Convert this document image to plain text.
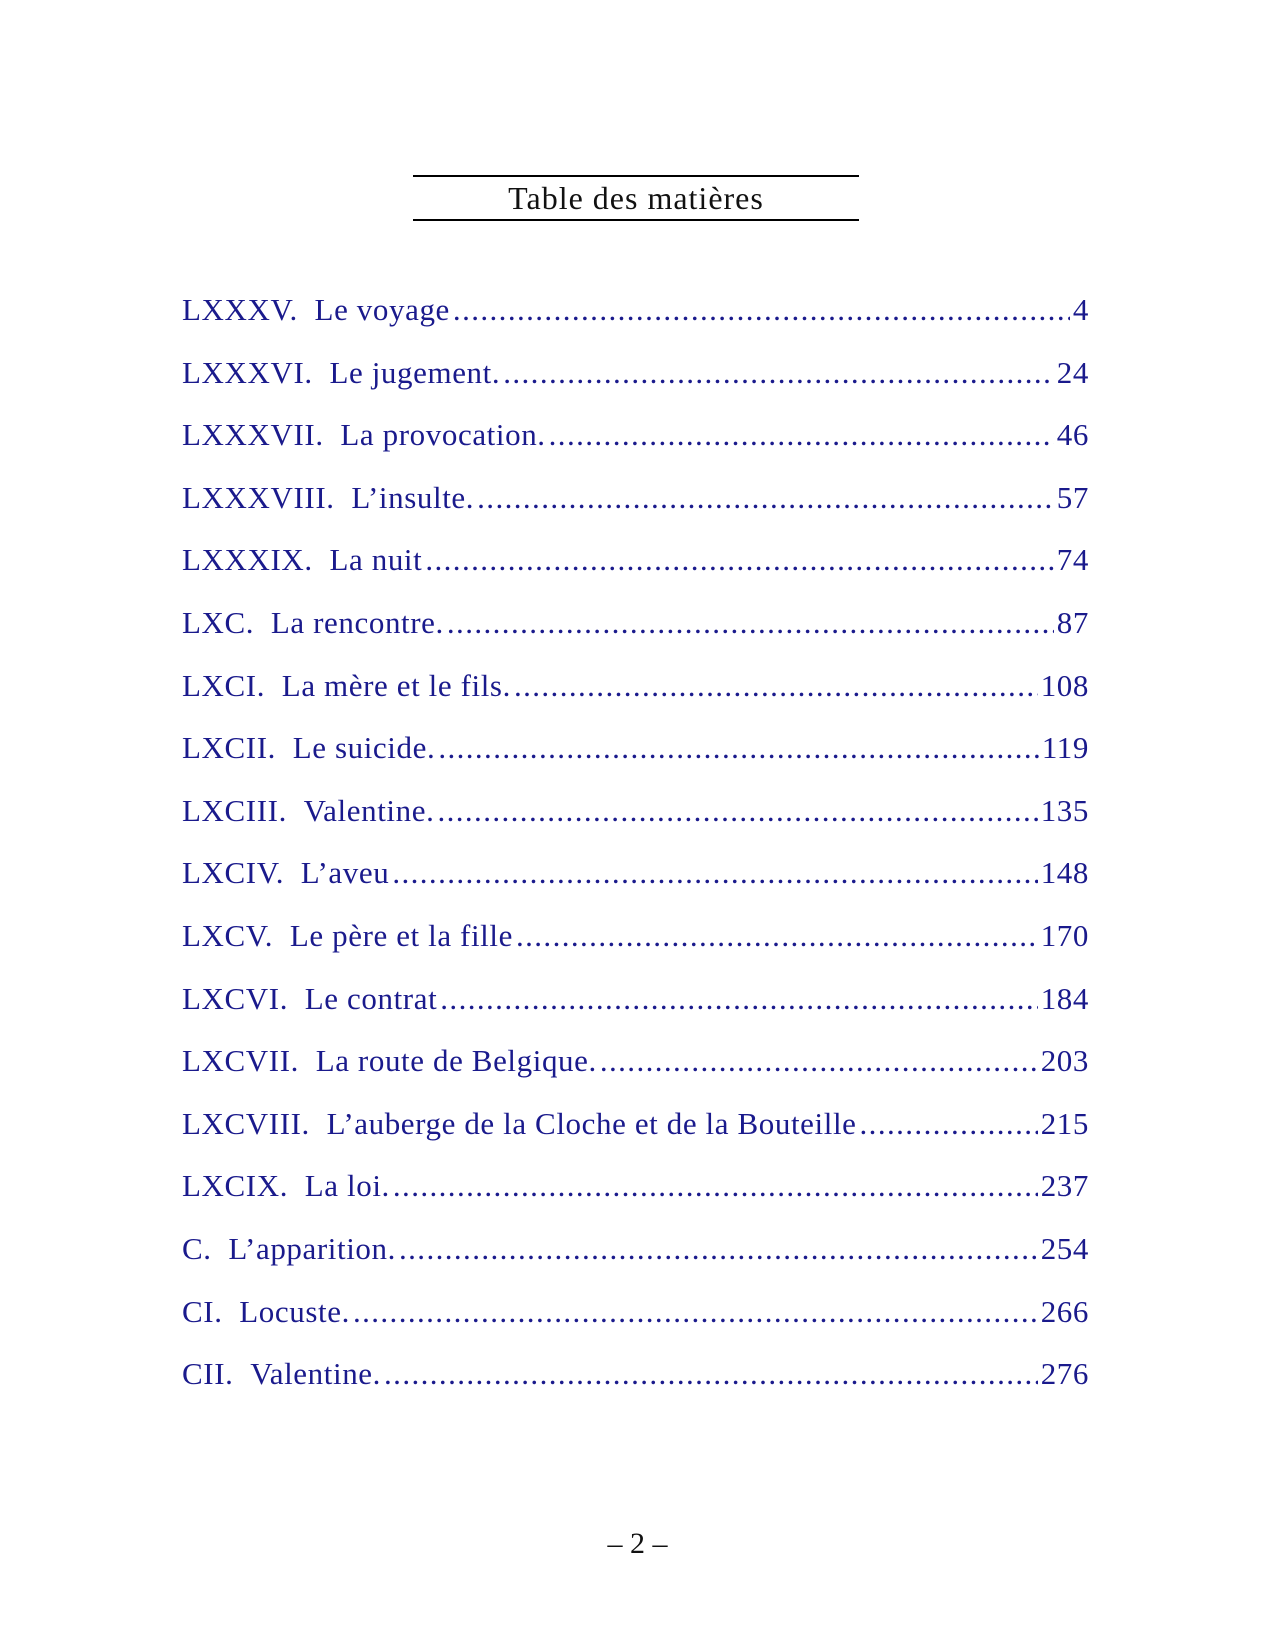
Table des matières
LXXXV. Le voyage .....	4
LXXXVI. Le jugement. .....	24
LXXXVII. La provocation. .....	46
LXXXVIII. L’insulte. .....	57
LXXXIX. La nuit .....	74
LXC. La rencontre. .....	87
LXCI. La mère et le fils. .....	108
LXCII. Le suicide. .....	119
LXCIII. Valentine. .....	135
LXCIV. L’aveu .....	148
LXCV. Le père et la fille .....	170
LXCVI. Le contrat .....	184
LXCVII. La route de Belgique. .....	203
LXCVIII. L’auberge de la Cloche et de la Bouteille .....	215
LXCIX. La loi. .....	237
C. L’apparition. .....	254
CI. Locuste. .....	266
CII. Valentine. .....	276
– 2 –
